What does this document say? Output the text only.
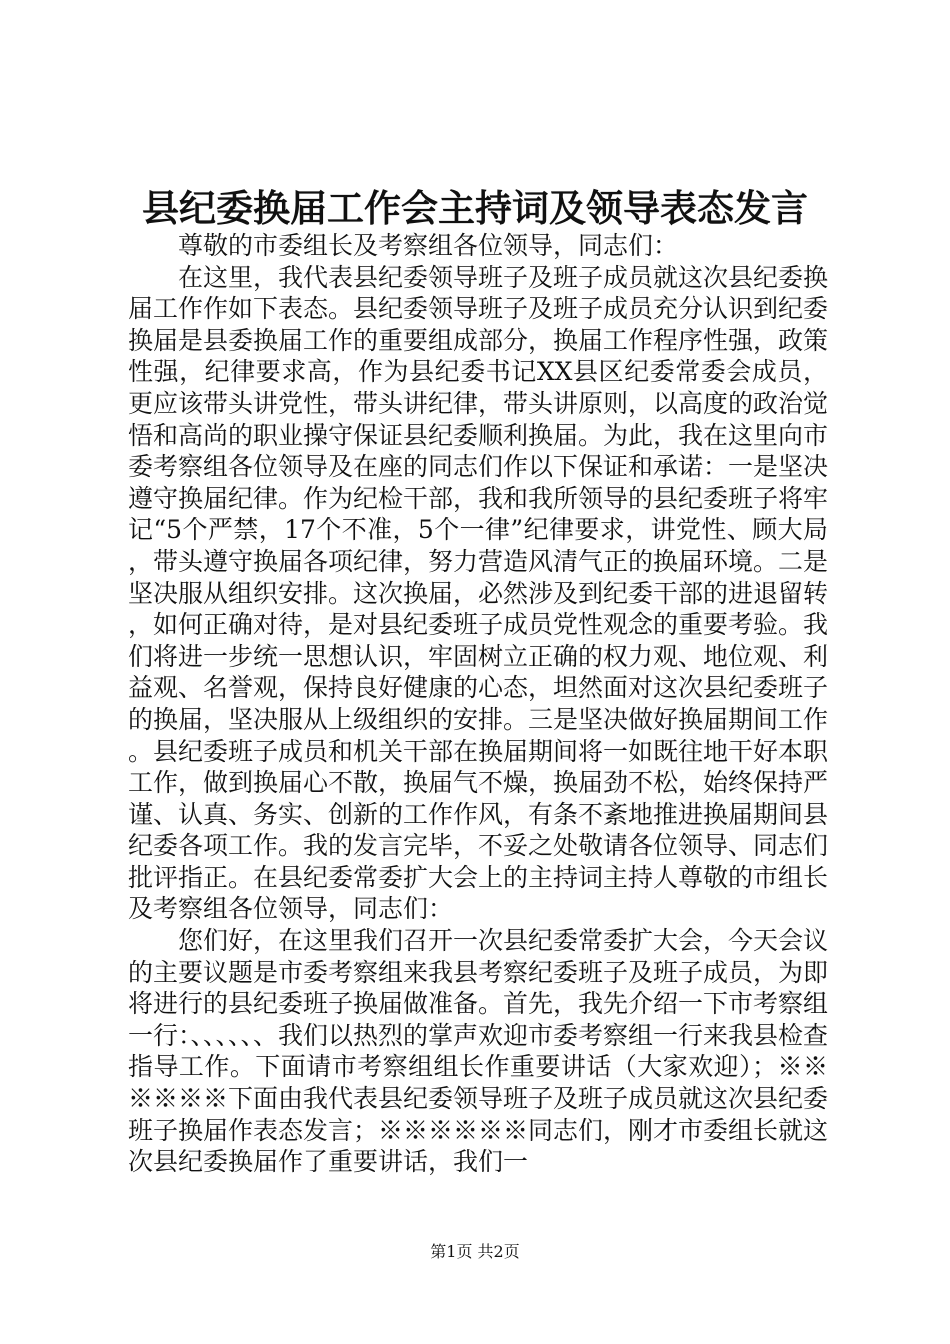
县纪委换届工作会主持词及领导表态发言

尊敬的市委组长及考察组各位领导，同志们：

在这里，我代表县纪委领导班子及班子成员就这次县纪委换届工作作如下表态。县纪委领导班子及班子成员充分认识到纪委换届是县委换届工作的重要组成部分，换届工作程序性强，政策性强，纪律要求高，作为县纪委书记XX县区纪委常委会成员，更应该带头讲党性，带头讲纪律，带头讲原则，以高度的政治觉悟和高尚的职业操守保证县纪委顺利换届。为此，我在这里向市委考察组各位领导及在座的同志们作以下保证和承诺：一是坚决遵守换届纪律。作为纪检干部，我和我所领导的县纪委班子将牢记“5个严禁，17个不准，5个一律”纪律要求，讲党性、顾大局，带头遵守换届各项纪律，努力营造风清气正的换届环境。二是坚决服从组织安排。这次换届，必然涉及到纪委干部的进退留转，如何正确对待，是对县纪委班子成员党性观念的重要考验。我们将进一步统一思想认识，牢固树立正确的权力观、地位观、利益观、名誉观，保持良好健康的心态，坦然面对这次县纪委班子的换届，坚决服从上级组织的安排。三是坚决做好换届期间工作。县纪委班子成员和机关干部在换届期间将一如既往地干好本职工作，做到换届心不散，换届气不燥，换届劲不松，始终保持严谨、认真、务实、创新的工作作风，有条不紊地推进换届期间县纪委各项工作。我的发言完毕，不妥之处敬请各位领导、同志们批评指正。在县纪委常委扩大会上的主持词主持人尊敬的市组长及考察组各位领导，同志们：

您们好，在这里我们召开一次县纪委常委扩大会，今天会议的主要议题是市委考察组来我县考察纪委班子及班子成员，为即将进行的县纪委班子换届做准备。首先，我先介绍一下市考察组一行：、、、、、、我们以热烈的掌声欢迎市委考察组一行来我县检查指导工作。下面请市考察组组长作重要讲话（大家欢迎）；※※※※※※下面由我代表县纪委领导班子及班子成员就这次县纪委班子换届作表态发言；※※※※※※同志们，刚才市委组长就这次县纪委换届作了重要讲话，我们一

第1页 共2页
